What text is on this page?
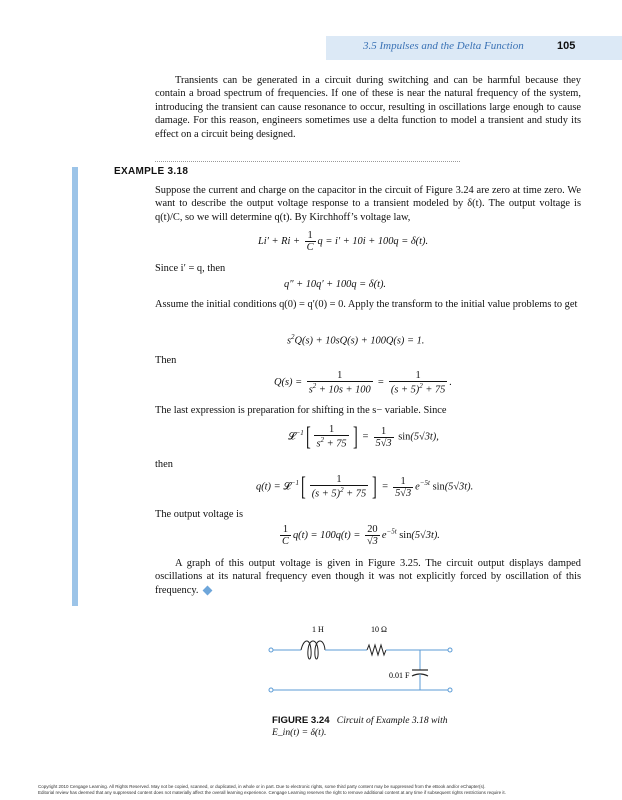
3.5 Impulses and the Delta Function	105

Transients can be generated in a circuit during switching and can be harmful because they contain a broad spectrum of frequencies. If one of these is near the natural frequency of the system, introducing the transient can cause resonance to occur, resulting in oscillations large enough to cause damage. For this reason, engineers sometimes use a delta function to model a transient and study its effect on a circuit being designed.

EXAMPLE 3.18

Suppose the current and charge on the capacitor in the circuit of Figure 3.24 are zero at time zero. We want to describe the output voltage response to a transient modeled by δ(t). The output voltage is q(t)/C, so we will determine q(t). By Kirchhoff’s voltage law,

$Li' + Ri + \frac{1}{C}$ q = i′ + 10i + 100q = δ(t).

Since i′ = q, then

q″ + 10q′ + 100q = δ(t).

Assume the initial conditions q(0) = q′(0) = 0. Apply the transform to the initial value problems to get

$s^2Q(s) + 10sQ(s) + 100Q(s) = 1$.

Then

$Q(s) = \frac{1}{s^2 + 10s + 100} = \frac{1}{(s + 5)^2 + 75}$ .

The last expression is preparation for shifting in the s− variable. Since

𝓛$^{-1}$[ $\frac{1}{s^2 + 75}$ ] = $\frac{1}{5√3} \sin(5√3t)$,

then

q(t) = 𝓛$^{-1}$[ $\frac{1}{(s + 5)^2 + 75}$ ] = $\frac{1}{5√3} e^{-5t}$ sin(5√3t).

The output voltage is

$\frac{1}{C} q(t) = 100q(t) = \frac{20}{√3} e^{-5t}$ sin(5√3t).

A graph of this output voltage is given in Figure 3.25. The circuit output displays damped oscillations at its natural frequency even though it was not explicitly forced by oscillation of this frequency.

1 H	10 Ω
0.01 F
FIGURE 3.24 Circuit of Example 3.18 with
E_in(t) = δ(t).
Copyright 2010 Cengage Learning. All Rights Reserved. May not be copied, scanned, or duplicated, in whole or in part. Due to electronic rights, some third party content may be suppressed from the eBook and/or eChapter(s).
Editorial review has deemed that any suppressed content does not materially affect the overall learning experience. Cengage Learning reserves the right to remove additional content at any time if subsequent rights restrictions require it.
